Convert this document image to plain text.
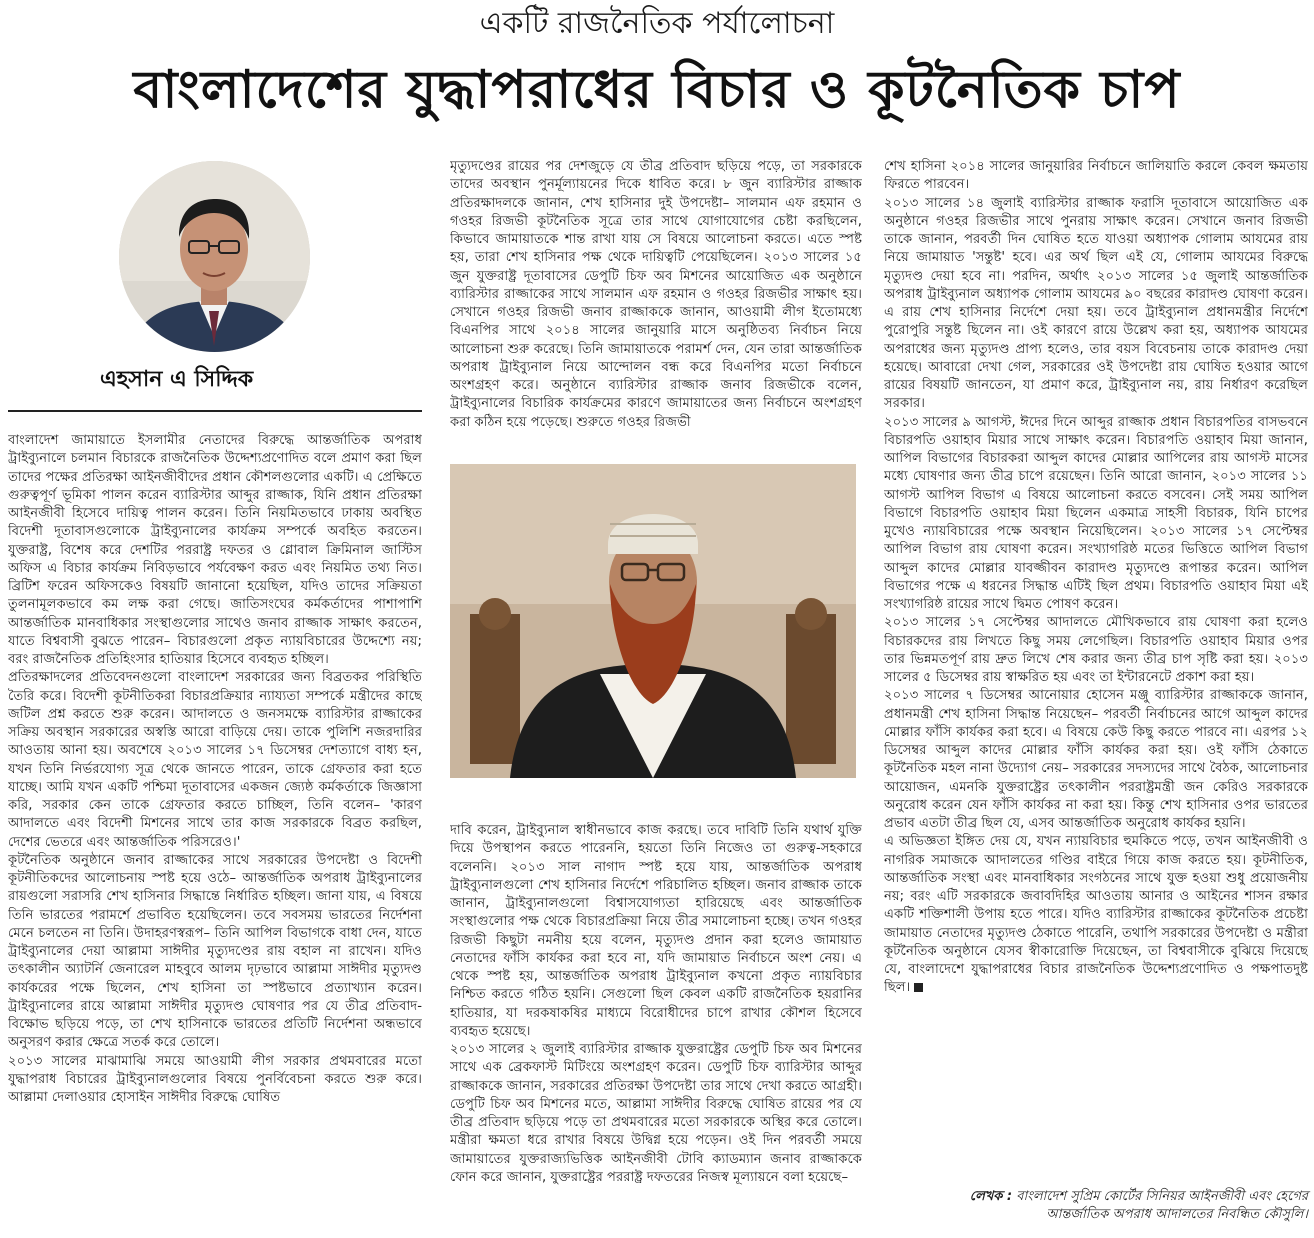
একটি রাজনৈতিক পর্যালোচনা
বাংলাদেশের যুদ্ধাপরাধের বিচার ও কূটনৈতিক চাপ
এহসান এ সিদ্দিক

বাংলাদেশ জামায়াতে ইসলামীর নেতাদের বিরুদ্ধে আন্তর্জাতিক অপরাধ ট্রাইব্যুনালে চলমান বিচারকে রাজনৈতিক উদ্দেশ্যপ্রণোদিত বলে প্রমাণ করা ছিল তাদের পক্ষের প্রতিরক্ষা আইনজীবীদের প্রধান কৌশলগুলোর একটি। এ প্রেক্ষিতে গুরুত্বপূর্ণ ভূমিকা পালন করেন ব্যারিস্টার আব্দুর রাজ্জাক, যিনি প্রধান প্রতিরক্ষা আইনজীবী হিসেবে দায়িত্ব পালন করেন। তিনি নিয়মিতভাবে ঢাকায় অবস্থিত বিদেশী দূতাবাসগুলোকে ট্রাইব্যুনালের কার্যক্রম সম্পর্কে অবহিত করতেন। যুক্তরাষ্ট্র, বিশেষ করে দেশটির পররাষ্ট্র দফতর ও গ্লোবাল ক্রিমিনাল জাস্টিস অফিস এ বিচার কার্যক্রম নিবিড়ভাবে পর্যবেক্ষণ করত এবং নিয়মিত তথ্য নিত। ব্রিটিশ ফরেন অফিসকেও বিষয়টি জানানো হয়েছিল, যদিও তাদের সক্রিয়তা তুলনামূলকভাবে কম লক্ষ করা গেছে। জাতিসংঘের কর্মকর্তাদের পাশাপাশি আন্তর্জাতিক মানবাধিকার সংস্থাগুলোর সাথেও জনাব রাজ্জাক সাক্ষাৎ করতেন, যাতে বিশ্ববাসী বুঝতে পারেন– বিচারগুলো প্রকৃত ন্যায়বিচারের উদ্দেশ্যে নয়; বরং রাজনৈতিক প্রতিহিংসার হাতিয়ার হিসেবে ব্যবহৃত হচ্ছিল।

প্রতিরক্ষাদলের প্রতিবেদনগুলো বাংলাদেশ সরকারের জন্য বিব্রতকর পরিস্থিতি তৈরি করে। বিদেশী কূটনীতিকরা বিচারপ্রক্রিয়ার ন্যায্যতা সম্পর্কে মন্ত্রীদের কাছে জটিল প্রশ্ন করতে শুরু করেন। আদালতে ও জনসমক্ষে ব্যারিস্টার রাজ্জাকের সক্রিয় অবস্থান সরকারের অস্বস্তি আরো বাড়িয়ে দেয়। তাকে পুলিশি নজরদারির আওতায় আনা হয়। অবশেষে ২০১৩ সালের ১৭ ডিসেম্বর দেশত্যাগে বাধ্য হন, যখন তিনি নির্ভরযোগ্য সূত্র থেকে জানতে পারেন, তাকে গ্রেফতার করা হতে যাচ্ছে। আমি যখন একটি পশ্চিমা দূতাবাসের একজন জ্যেষ্ঠ কর্মকর্তাকে জিজ্ঞাসা করি, সরকার কেন তাকে গ্রেফতার করতে চাচ্ছিল, তিনি বলেন– 'কারণ আদালতে এবং বিদেশী মিশনের সাথে তার কাজ সরকারকে বিব্রত করছিল, দেশের ভেতরে এবং আন্তর্জাতিক পরিসরেও।'

কূটনৈতিক অনুষ্ঠানে জনাব রাজ্জাকের সাথে সরকারের উপদেষ্টা ও বিদেশী কূটনীতিকদের আলোচনায় স্পষ্ট হয়ে ওঠে– আন্তর্জাতিক অপরাধ ট্রাইব্যুনালের রায়গুলো সরাসরি শেখ হাসিনার সিদ্ধান্তে নির্ধারিত হচ্ছিল। জানা যায়, এ বিষয়ে তিনি ভারতের পরামর্শে প্রভাবিত হয়েছিলেন। তবে সবসময় ভারতের নির্দেশনা মেনে চলতেন না তিনি। উদাহরণস্বরূপ– তিনি আপিল বিভাগকে বাধা দেন, যাতে ট্রাইব্যুনালের দেয়া আল্লামা সাঈদীর মৃত্যুদণ্ডের রায় বহাল না রাখেন। যদিও তৎকালীন অ্যাটর্নি জেনারেল মাহবুবে আলম দৃঢ়ভাবে আল্লামা সাঈদীর মৃত্যুদণ্ড কার্যকরের পক্ষে ছিলেন, শেখ হাসিনা তা স্পষ্টভাবে প্রত্যাখ্যান করেন। ট্রাইব্যুনালের রায়ে আল্লামা সাঈদীর মৃত্যুদণ্ড ঘোষণার পর যে তীব্র প্রতিবাদ-বিক্ষোভ ছড়িয়ে পড়ে, তা শেখ হাসিনাকে ভারতের প্রতিটি নির্দেশনা অন্ধভাবে অনুসরণ করার ক্ষেত্রে সতর্ক করে তোলে।

২০১৩ সালের মাঝামাঝি সময়ে আওয়ামী লীগ সরকার প্রথমবারের মতো যুদ্ধাপরাধ বিচারের ট্রাইব্যুনালগুলোর বিষয়ে পুনর্বিবেচনা করতে শুরু করে। আল্লামা দেলাওয়ার হোসাইন সাঈদীর বিরুদ্ধে ঘোষিত

মৃত্যুদণ্ডের রায়ের পর দেশজুড়ে যে তীব্র প্রতিবাদ ছড়িয়ে পড়ে, তা সরকারকে তাদের অবস্থান পুনর্মূল্যায়নের দিকে ধাবিত করে। ৮ জুন ব্যারিস্টার রাজ্জাক প্রতিরক্ষাদলকে জানান, শেখ হাসিনার দুই উপদেষ্টা– সালমান এফ রহমান ও গওহর রিজভী কূটনৈতিক সূত্রে তার সাথে যোগাযোগের চেষ্টা করছিলেন, কিভাবে জামায়াতকে শান্ত রাখা যায় সে বিষয়ে আলোচনা করতে। এতে স্পষ্ট হয়, তারা শেখ হাসিনার পক্ষ থেকে দায়িত্বটি পেয়েছিলেন। ২০১৩ সালের ১৫ জুন যুক্তরাষ্ট্র দূতাবাসের ডেপুটি চিফ অব মিশনের আয়োজিত এক অনুষ্ঠানে ব্যারিস্টার রাজ্জাকের সাথে সালমান এফ রহমান ও গওহর রিজভীর সাক্ষাৎ হয়। সেখানে গওহর রিজভী জনাব রাজ্জাককে জানান, আওয়ামী লীগ ইতোমধ্যে বিএনপির সাথে ২০১৪ সালের জানুয়ারি মাসে অনুষ্ঠিতব্য নির্বাচন নিয়ে আলোচনা শুরু করেছে। তিনি জামায়াতকে পরামর্শ দেন, যেন তারা আন্তর্জাতিক অপরাধ ট্রাইব্যুনাল নিয়ে আন্দোলন বন্ধ করে বিএনপির মতো নির্বাচনে অংশগ্রহণ করে। অনুষ্ঠানে ব্যারিস্টার রাজ্জাক জনাব রিজভীকে বলেন, ট্রাইব্যুনালের বিচারিক কার্যক্রমের কারণে জামায়াতের জন্য নির্বাচনে অংশগ্রহণ করা কঠিন হয়ে পড়েছে। শুরুতে গওহর রিজভী

দাবি করেন, ট্রাইব্যুনাল স্বাধীনভাবে কাজ করছে। তবে দাবিটি তিনি যথার্থ যুক্তি দিয়ে উপস্থাপন করতে পারেননি, হয়তো তিনি নিজেও তা গুরুত্ব-সহকারে বলেননি। ২০১৩ সাল নাগাদ স্পষ্ট হয়ে যায়, আন্তর্জাতিক অপরাধ ট্রাইব্যুনালগুলো শেখ হাসিনার নির্দেশে পরিচালিত হচ্ছিল। জনাব রাজ্জাক তাকে জানান, ট্রাইব্যুনালগুলো বিশ্বাসযোগ্যতা হারিয়েছে এবং আন্তর্জাতিক সংস্থাগুলোর পক্ষ থেকে বিচারপ্রক্রিয়া নিয়ে তীব্র সমালোচনা হচ্ছে। তখন গওহর রিজভী কিছুটা নমনীয় হয়ে বলেন, মৃত্যুদণ্ড প্রদান করা হলেও জামায়াত নেতাদের ফাঁসি কার্যকর করা হবে না, যদি জামায়াত নির্বাচনে অংশ নেয়। এ থেকে স্পষ্ট হয়, আন্তর্জাতিক অপরাধ ট্রাইব্যুনাল কখনো প্রকৃত ন্যায়বিচার নিশ্চিত করতে গঠিত হয়নি। সেগুলো ছিল কেবল একটি রাজনৈতিক হয়রানির হাতিয়ার, যা দরকষাকষির মাধ্যমে বিরোধীদের চাপে রাখার কৌশল হিসেবে ব্যবহৃত হয়েছে।

২০১৩ সালের ২ জুলাই ব্যারিস্টার রাজ্জাক যুক্তরাষ্ট্রের ডেপুটি চিফ অব মিশনের সাথে এক ব্রেকফাস্ট মিটিংয়ে অংশগ্রহণ করেন। ডেপুটি চিফ ব্যারিস্টার আব্দুর রাজ্জাককে জানান, সরকারের প্রতিরক্ষা উপদেষ্টা তার সাথে দেখা করতে আগ্রহী। ডেপুটি চিফ অব মিশনের মতে, আল্লামা সাঈদীর বিরুদ্ধে ঘোষিত রায়ের পর যে তীব্র প্রতিবাদ ছড়িয়ে পড়ে তা প্রথমবারের মতো সরকারকে অস্থির করে তোলে। মন্ত্রীরা ক্ষমতা ধরে রাখার বিষয়ে উদ্বিগ্ন হয়ে পড়েন। ওই দিন পরবর্তী সময়ে জামায়াতের যুক্তরাজ্যভিত্তিক আইনজীবী টোবি ক্যাডম্যান জনাব রাজ্জাককে ফোন করে জানান, যুক্তরাষ্ট্রের পররাষ্ট্র দফতরের নিজস্ব মূল্যায়নে বলা হয়েছে–

শেখ হাসিনা ২০১৪ সালের জানুয়ারির নির্বাচনে জালিয়াতি করলে কেবল ক্ষমতায় ফিরতে পারবেন।

২০১৩ সালের ১৪ জুলাই ব্যারিস্টার রাজ্জাক ফরাসি দূতাবাসে আয়োজিত এক অনুষ্ঠানে গওহর রিজভীর সাথে পুনরায় সাক্ষাৎ করেন। সেখানে জনাব রিজভী তাকে জানান, পরবর্তী দিন ঘোষিত হতে যাওয়া অধ্যাপক গোলাম আযমের রায় নিয়ে জামায়াত 'সন্তুষ্ট' হবে। এর অর্থ ছিল এই যে, গোলাম আযমের বিরুদ্ধে মৃত্যুদণ্ড দেয়া হবে না। পরদিন, অর্থাৎ ২০১৩ সালের ১৫ জুলাই আন্তর্জাতিক অপরাধ ট্রাইব্যুনাল অধ্যাপক গোলাম আযমের ৯০ বছরের কারাদণ্ড ঘোষণা করেন। এ রায় শেখ হাসিনার নির্দেশে দেয়া হয়। তবে ট্রাইব্যুনাল প্রধানমন্ত্রীর নির্দেশে পুরোপুরি সন্তুষ্ট ছিলেন না। ওই কারণে রায়ে উল্লেখ করা হয়, অধ্যাপক আযমের অপরাধের জন্য মৃত্যুদণ্ড প্রাপ্য হলেও, তার বয়স বিবেচনায় তাকে কারাদণ্ড দেয়া হয়েছে। আবারো দেখা গেল, সরকারের ওই উপদেষ্টা রায় ঘোষিত হওয়ার আগে রায়ের বিষয়টি জানতেন, যা প্রমাণ করে, ট্রাইব্যুনাল নয়, রায় নির্ধারণ করেছিল সরকার।

২০১৩ সালের ৯ আগস্ট, ঈদের দিনে আব্দুর রাজ্জাক প্রধান বিচারপতির বাসভবনে বিচারপতি ওয়াহাব মিয়ার সাথে সাক্ষাৎ করেন। বিচারপতি ওয়াহাব মিয়া জানান, আপিল বিভাগের বিচারকরা আব্দুল কাদের মোল্লার আপিলের রায় আগস্ট মাসের মধ্যে ঘোষণার জন্য তীব্র চাপে রয়েছেন। তিনি আরো জানান, ২০১৩ সালের ১১ আগস্ট আপিল বিভাগ এ বিষয়ে আলোচনা করতে বসবেন। সেই সময় আপিল বিভাগে বিচারপতি ওয়াহাব মিয়া ছিলেন একমাত্র সাহসী বিচারক, যিনি চাপের মুখেও ন্যায়বিচারের পক্ষে অবস্থান নিয়েছিলেন। ২০১৩ সালের ১৭ সেপ্টেম্বর আপিল বিভাগ রায় ঘোষণা করেন। সংখ্যাগরিষ্ঠ মতের ভিত্তিতে আপিল বিভাগ আব্দুল কাদের মোল্লার যাবজ্জীবন কারাদণ্ড মৃত্যুদণ্ডে রূপান্তর করেন। আপিল বিভাগের পক্ষে এ ধরনের সিদ্ধান্ত এটিই ছিল প্রথম। বিচারপতি ওয়াহাব মিয়া এই সংখ্যাগরিষ্ঠ রায়ের সাথে দ্বিমত পোষণ করেন।

২০১৩ সালের ১৭ সেপ্টেম্বর আদালতে মৌখিকভাবে রায় ঘোষণা করা হলেও বিচারকদের রায় লিখতে কিছু সময় লেগেছিল। বিচারপতি ওয়াহাব মিয়ার ওপর তার ভিন্নমতপূর্ণ রায় দ্রুত লিখে শেষ করার জন্য তীব্র চাপ সৃষ্টি করা হয়। ২০১৩ সালের ৫ ডিসেম্বর রায় স্বাক্ষরিত হয় এবং তা ইন্টারনেটে প্রকাশ করা হয়।

২০১৩ সালের ৭ ডিসেম্বর আনোয়ার হোসেন মঞ্জু ব্যারিস্টার রাজ্জাককে জানান, প্রধানমন্ত্রী শেখ হাসিনা সিদ্ধান্ত নিয়েছেন– পরবর্তী নির্বাচনের আগে আব্দুল কাদের মোল্লার ফাঁসি কার্যকর করা হবে। এ বিষয়ে কেউ কিছু করতে পারবে না। এরপর ১২ ডিসেম্বর আব্দুল কাদের মোল্লার ফাঁসি কার্যকর করা হয়। ওই ফাঁসি ঠেকাতে কূটনৈতিক মহল নানা উদ্যোগ নেয়– সরকারের সদস্যদের সাথে বৈঠক, আলোচনার আয়োজন, এমনকি যুক্তরাষ্ট্রের তৎকালীন পররাষ্ট্রমন্ত্রী জন কেরিও সরকারকে অনুরোধ করেন যেন ফাঁসি কার্যকর না করা হয়। কিন্তু শেখ হাসিনার ওপর ভারতের প্রভাব এতটা তীব্র ছিল যে, এসব আন্তর্জাতিক অনুরোধ কার্যকর হয়নি।

এ অভিজ্ঞতা ইঙ্গিত দেয় যে, যখন ন্যায়বিচার হুমকিতে পড়ে, তখন আইনজীবী ও নাগরিক সমাজকে আদালতের গণ্ডির বাইরে গিয়ে কাজ করতে হয়। কূটনীতিক, আন্তর্জাতিক সংস্থা এবং মানবাধিকার সংগঠনের সাথে যুক্ত হওয়া শুধু প্রয়োজনীয় নয়; বরং এটি সরকারকে জবাবদিহির আওতায় আনার ও আইনের শাসন রক্ষার একটি শক্তিশালী উপায় হতে পারে। যদিও ব্যারিস্টার রাজ্জাকের কূটনৈতিক প্রচেষ্টা জামায়াত নেতাদের মৃত্যুদণ্ড ঠেকাতে পারেনি, তথাপি সরকারের উপদেষ্টা ও মন্ত্রীরা কূটনৈতিক অনুষ্ঠানে যেসব স্বীকারোক্তি দিয়েছেন, তা বিশ্ববাসীকে বুঝিয়ে দিয়েছে যে, বাংলাদেশে যুদ্ধাপরাধের বিচার রাজনৈতিক উদ্দেশ্যপ্রণোদিত ও পক্ষপাতদুষ্ট ছিল।

লেখক : বাংলাদেশ সুপ্রিম কোর্টের সিনিয়র আইনজীবী এবং হেগের
আন্তর্জাতিক অপরাধ আদালতের নিবন্ধিত কৌসুলি।
